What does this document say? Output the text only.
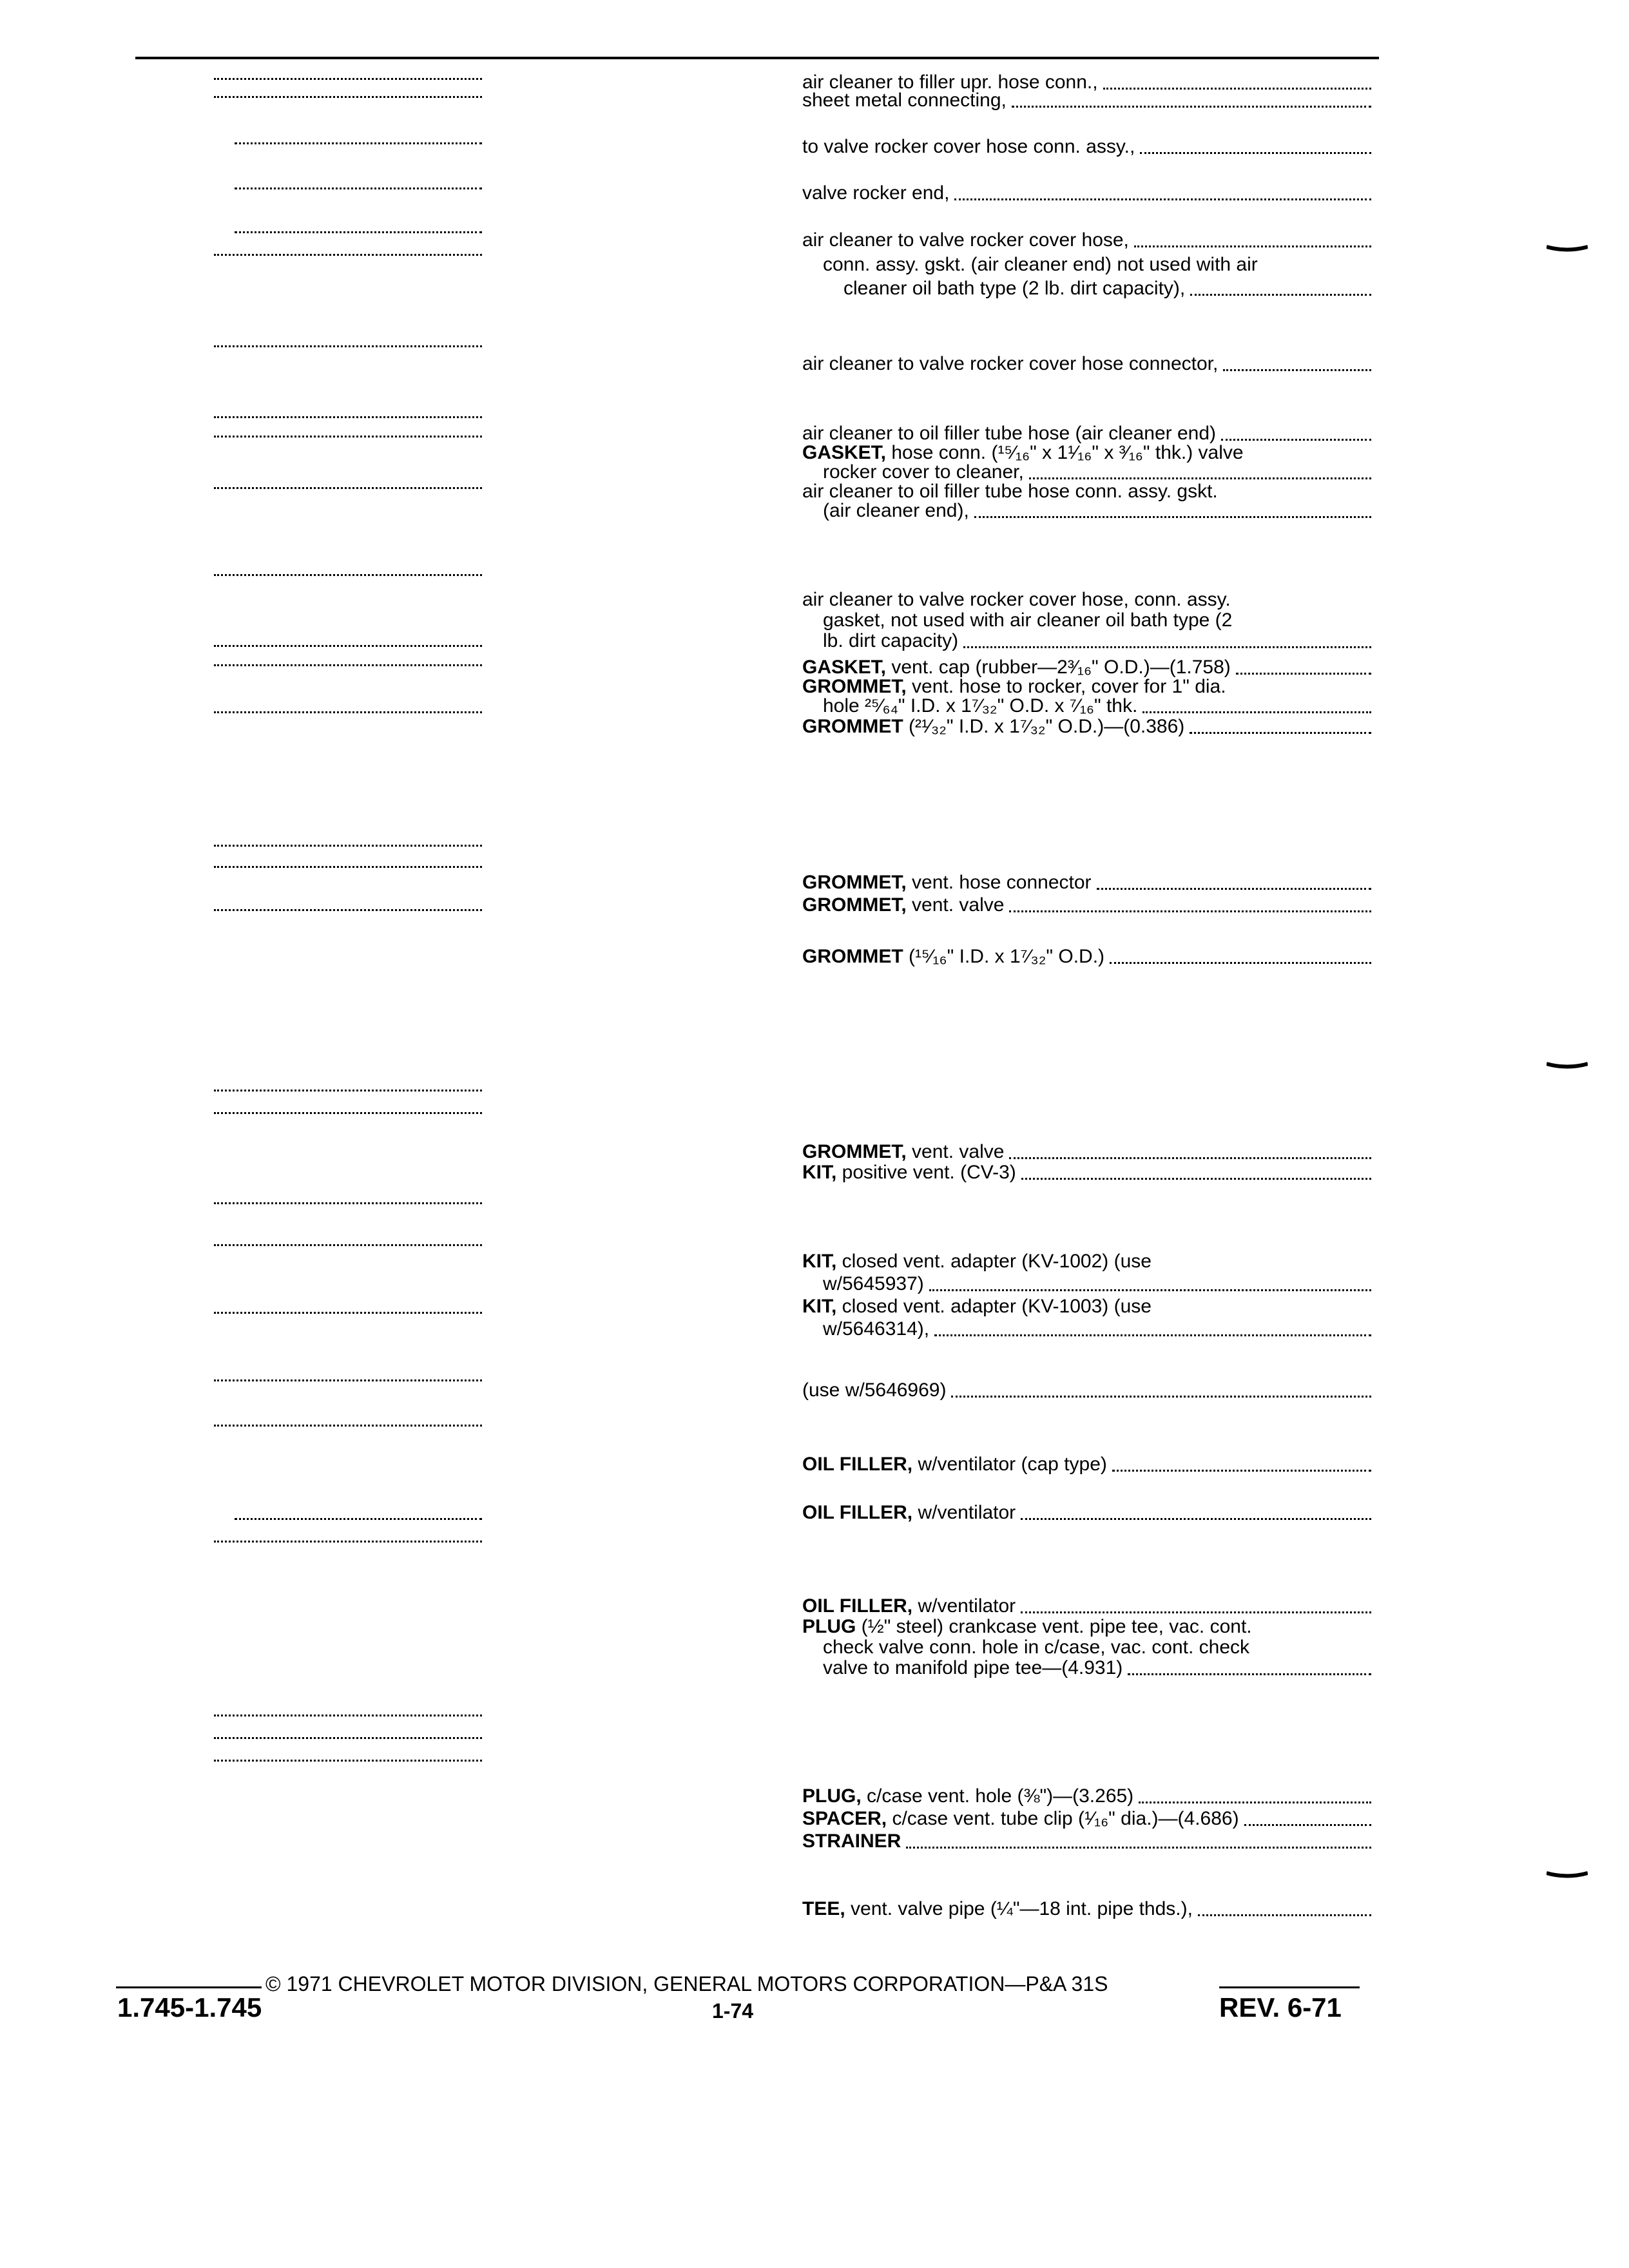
air cleaner to filler upr. hose conn.,
sheet metal connecting,
to valve rocker cover hose conn. assy.,
valve rocker end,
air cleaner to valve rocker cover hose,
conn. assy. gskt. (air cleaner end) not used with air
cleaner oil bath type (2 lb. dirt capacity),
air cleaner to valve rocker cover hose connector,
air cleaner to oil filler tube hose (air cleaner end)
GASKET, hose conn. (¹⁵⁄₁₆" x 1¹⁄₁₆" x ³⁄₁₆" thk.) valve
rocker cover to cleaner,
air cleaner to oil filler tube hose conn. assy. gskt.
(air cleaner end),
air cleaner to valve rocker cover hose, conn. assy.
gasket, not used with air cleaner oil bath type (2
lb. dirt capacity)
GASKET, vent. cap (rubber—2³⁄₁₆" O.D.)—(1.758)
GROMMET, vent. hose to rocker, cover for 1" dia.
hole ²⁵⁄₆₄" I.D. x 1⁷⁄₃₂" O.D. x ⁷⁄₁₆" thk.
GROMMET (²¹⁄₃₂" I.D. x 1⁷⁄₃₂" O.D.)—(0.386)
GROMMET, vent. hose connector
GROMMET, vent. valve
GROMMET (¹⁵⁄₁₆" I.D. x 1⁷⁄₃₂" O.D.)
GROMMET, vent. valve
KIT, positive vent. (CV-3)
KIT, closed vent. adapter (KV-1002) (use
w/5645937)
KIT, closed vent. adapter (KV-1003) (use
w/5646314),
(use w/5646969)
OIL FILLER, w/ventilator (cap type)
OIL FILLER, w/ventilator
OIL FILLER, w/ventilator
PLUG (½" steel) crankcase vent. pipe tee, vac. cont.
check valve conn. hole in c/case, vac. cont. check
valve to manifold pipe tee—(4.931)
PLUG, c/case vent. hole (⅜")—(3.265)
SPACER, c/case vent. tube clip (¹⁄₁₆" dia.)—(4.686)
STRAINER
TEE, vent. valve pipe (¼"—18 int. pipe thds.),
© 1971 CHEVROLET MOTOR DIVISION, GENERAL MOTORS CORPORATION—P&A 31S
1.745-1.745	1-74	REV. 6-71
